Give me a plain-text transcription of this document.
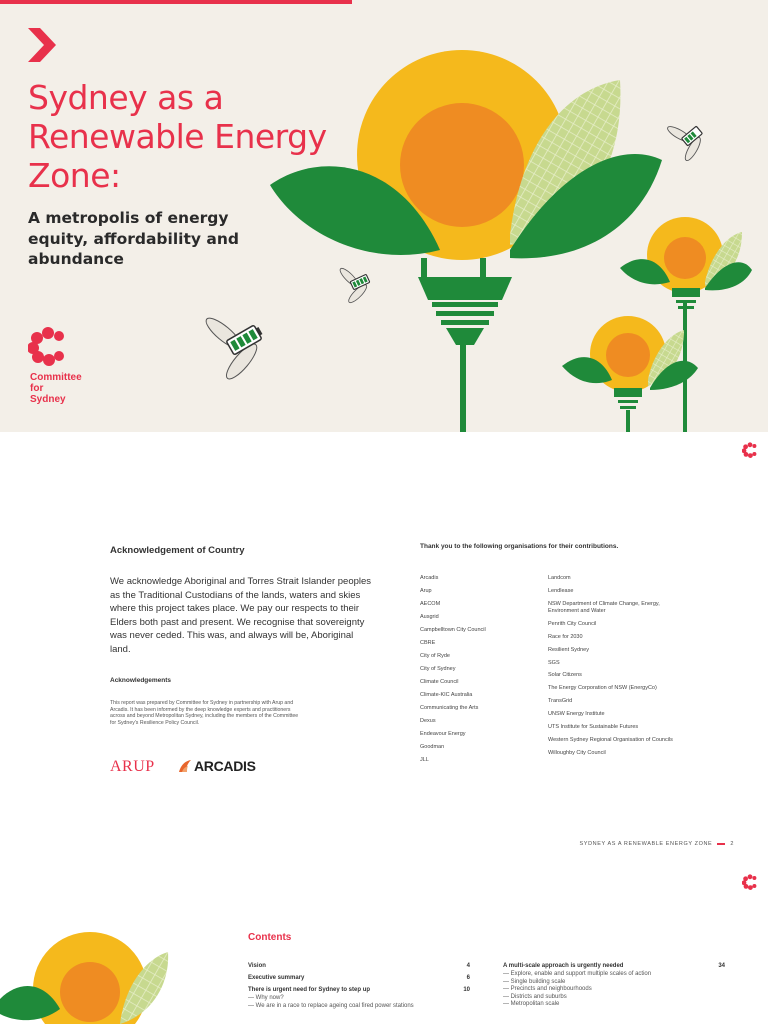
Sydney as a Renewable Energy Zone:
A metropolis of energy equity, affordability and abundance
Committee
for
Sydney
Acknowledgement of Country

We acknowledge Aboriginal and Torres Strait Islander peoples as the Traditional Custodians of the lands, waters and skies where this project takes place. We pay our respects to their Elders both past and present. We recognise that sovereignty was never ceded. This was, and always will be, Aboriginal land.

Acknowledgements

This report was prepared by Committee for Sydney in partnership with Arup and Arcadis. It has been informed by the deep knowledge experts and practitioners across and beyond Metropolitan Sydney, including the members of the Committee for Sydney's Resilience Policy Council.

ARUP	ARCADIS
Thank you to the following organisations for their contributions.
Arcadis
Arup
AECOM
Ausgrid
Campbelltown City Council
CBRE
City of Ryde
City of Sydney
Climate Council
Climate-KIC Australia
Communicating the Arts
Dexus
Endeavour Energy
Goodman
JLL
Landcom
Lendlease
NSW Department of Climate Change, Energy, Environment and Water
Penrith City Council
Race for 2030
Resilient Sydney
SGS
Solar Citizens
The Energy Corporation of NSW (EnergyCo)
TransGrid
UNSW Energy Institute
UTS Institute for Sustainable Futures
Western Sydney Regional Organisation of Councils
Willoughby City Council
SYDNEY AS A RENEWABLE ENERGY ZONE	2
Contents
Vision	4
Executive summary	6
There is urgent need for Sydney to step up	10
— Why now?
— We are in a race to replace ageing coal fired power stations
A multi-scale approach is urgently needed	34
— Explore, enable and support multiple scales of action
— Single building scale
— Precincts and neighbourhoods
— Districts and suburbs
— Metropolitan scale
